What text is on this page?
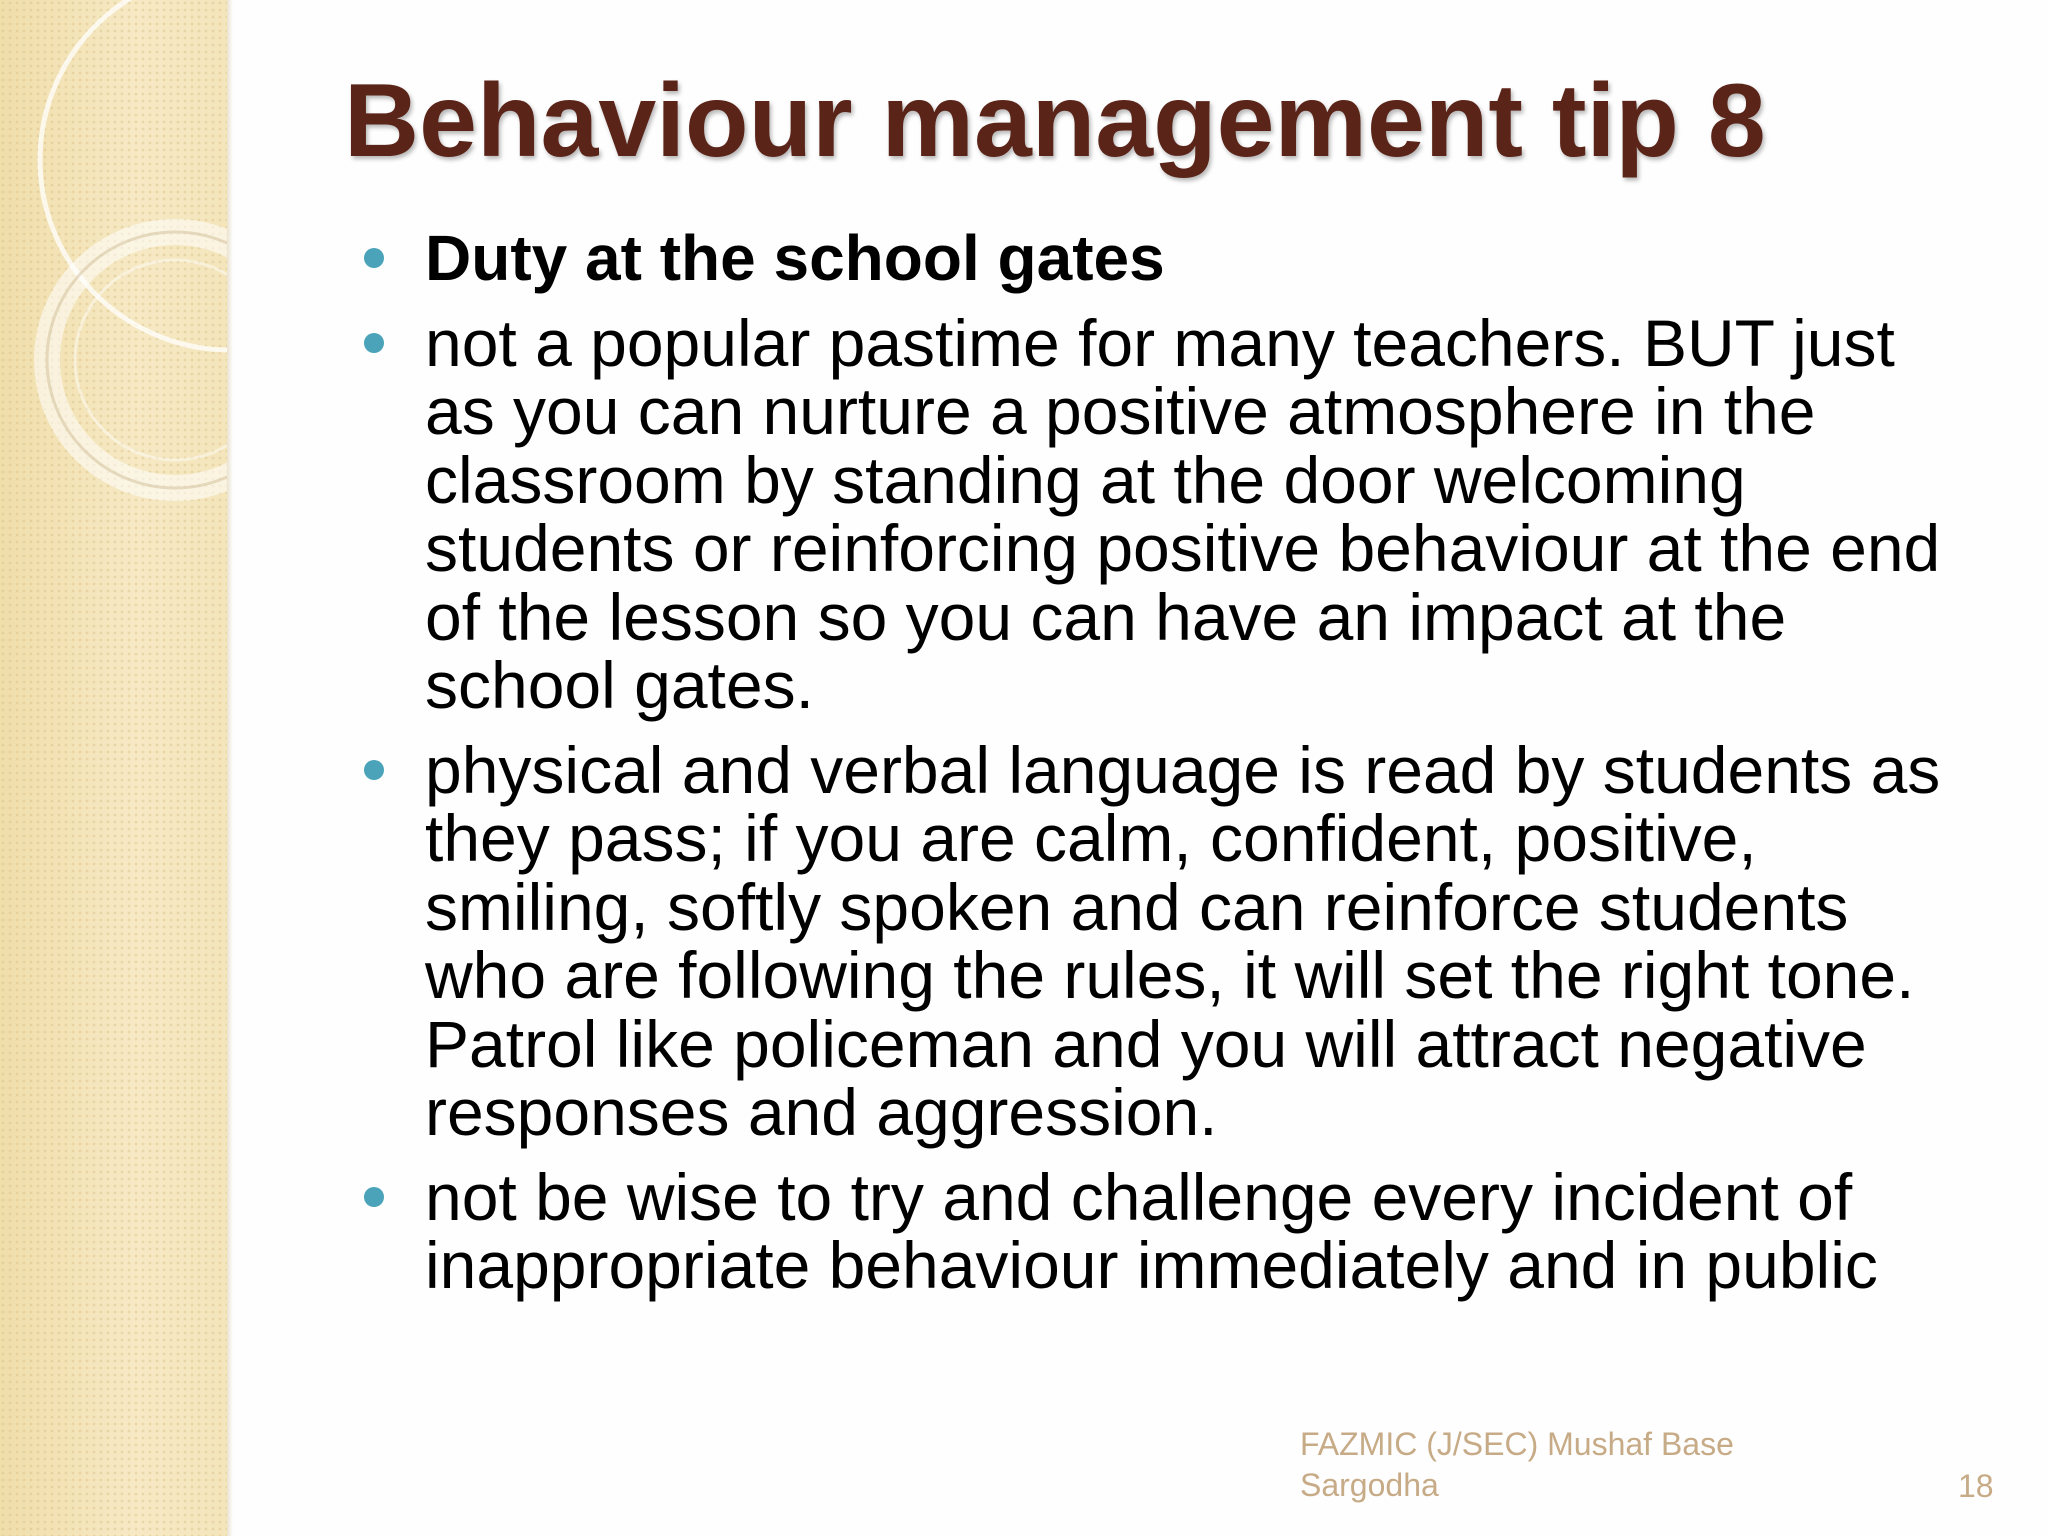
Behaviour management tip 8
Duty at the school gates
not a popular pastime for many teachers. BUT just as you can nurture a positive atmosphere in the classroom by standing at the door welcoming students or reinforcing positive behaviour at the end of the lesson so you can have an impact at the school gates.
physical and verbal language is read by students as they pass; if you are calm, confident, positive, smiling, softly spoken and can reinforce students who are following the rules, it will set the right tone. Patrol like policeman and you will attract negative responses and aggression.
not be wise to try and challenge every incident of inappropriate behaviour immediately and in public
FAZMIC (J/SEC) Mushaf Base Sargodha	18
